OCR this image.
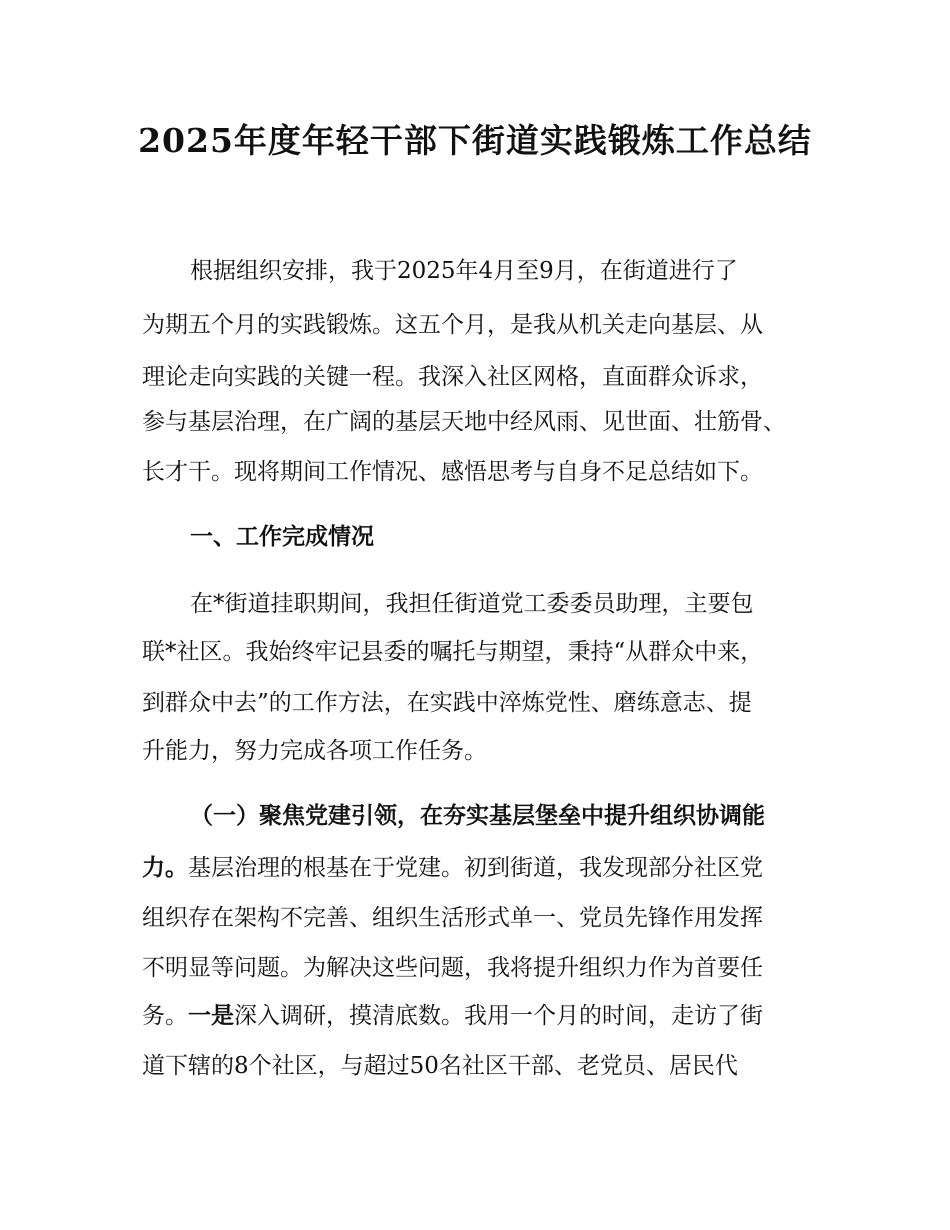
2025年度年轻干部下街道实践锻炼工作总结
根据组织安排，我于2025年4月至9月，在街道进行了
为期五个月的实践锻炼。这五个月，是我从机关走向基层、从
理论走向实践的关键一程。我深入社区网格，直面群众诉求，
参与基层治理，在广阔的基层天地中经风雨、见世面、壮筋骨、
长才干。现将期间工作情况、感悟思考与自身不足总结如下。
一、工作完成情况
在*街道挂职期间，我担任街道党工委委员助理，主要包
联*社区。我始终牢记县委的嘱托与期望，秉持“从群众中来，
到群众中去”的工作方法，在实践中淬炼党性、磨练意志、提
升能力，努力完成各项工作任务。
（一）聚焦党建引领，在夯实基层堡垒中提升组织协调能
力。基层治理的根基在于党建。初到街道，我发现部分社区党
组织存在架构不完善、组织生活形式单一、党员先锋作用发挥
不明显等问题。为解决这些问题，我将提升组织力作为首要任
务。一是深入调研，摸清底数。我用一个月的时间，走访了街
道下辖的8个社区，与超过50名社区干部、老党员、居民代
